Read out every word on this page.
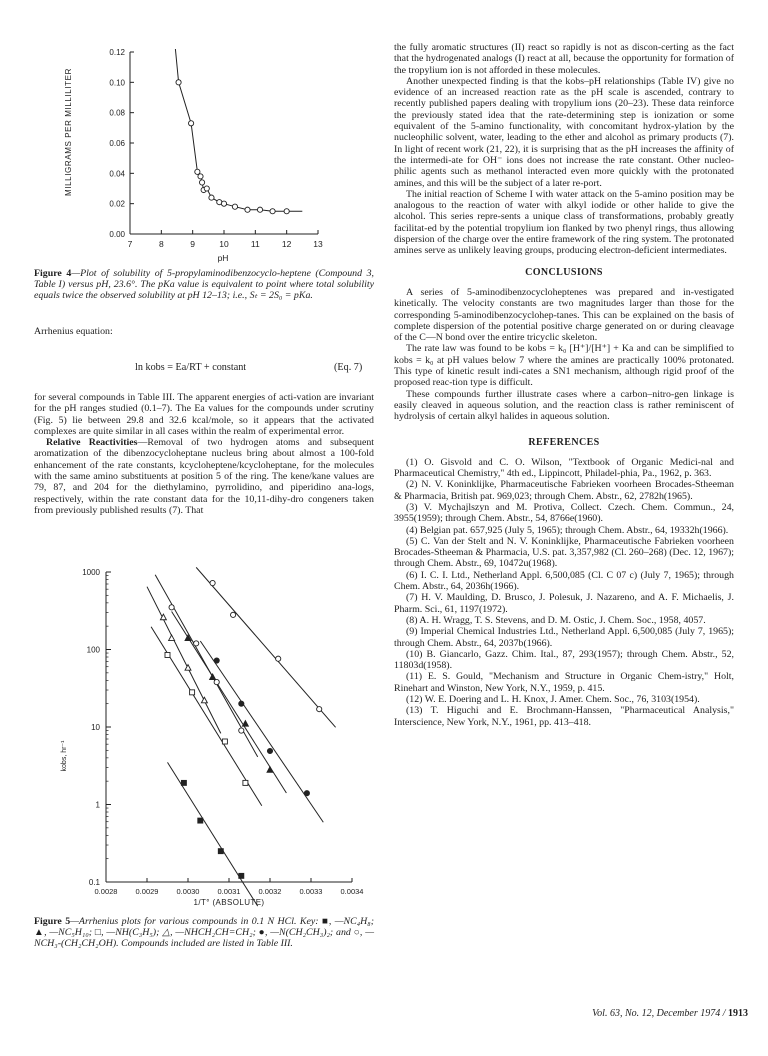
0.00
0.02
0.04
0.06
0.08
0.10
0.12
7	8	9	10	11	12	13
MILLIGRAMS PER MILLILITER
pH
Figure 4—Plot of solubility of 5-propylaminodibenzocyclo-heptene (Compound 3, Table I) versus pH, 23.6°. The pKa value is equivalent to point where total solubility equals twice the observed solubility at pH 12–13; i.e., Sₜ = 2S₀ = pKa.

Arrhenius equation:

ln kobs = Ea/RT + constant	(Eq. 7)

for several compounds in Table III. The apparent energies of acti-vation are invariant for the pH ranges studied (0.1–7). The Ea values for the compounds under scrutiny (Fig. 5) lie between 29.8 and 32.6 kcal/mole, so it appears that the activated complexes are quite similar in all cases within the realm of experimental error.

Relative Reactivities—Removal of two hydrogen atoms and subsequent aromatization of the dibenzocycloheptane nucleus bring about almost a 100-fold enhancement of the rate constants, kcycloheptene/kcycloheptane, for the molecules with the same amino substituents at position 5 of the ring. The kene/kane values are 79, 87, and 204 for the diethylamino, pyrrolidino, and piperidino ana-logs, respectively, within the rate constant data for the 10,11-dihy-dro congeners taken from previously published results (7). That

1000
100
10
1
0.1
0.0028 0.0029 0.0030 0.0031 0.0032 0.0033 0.0034
kobs, hr⁻¹
1/T° (ABSOLUTE)
Figure 5—Arrhenius plots for various compounds in 0.1 N HCl. Key: ■, —NC₄H₈; ▲, —NC₅H₁₀; □, —NH(C₃H₅); △, —NHCH₂CH=CH₂; ●, —N(CH₂CH₃)₂; and ○, —NCH₃-(CH₂CH₂OH). Compounds included are listed in Table III.

the fully aromatic structures (II) react so rapidly is not as discon-certing as the fact that the hydrogenated analogs (I) react at all, because the opportunity for formation of the tropylium ion is not afforded in these molecules.

Another unexpected finding is that the kobs–pH relationships (Table IV) give no evidence of an increased reaction rate as the pH scale is ascended, contrary to recently published papers dealing with tropylium ions (20–23). These data reinforce the previously stated idea that the rate-determining step is ionization or some equivalent of the 5-amino functionality, with concomitant hydrox-ylation by the nucleophilic solvent, water, leading to the ether and alcohol as primary products (7). In light of recent work (21, 22), it is surprising that as the pH increases the affinity of the intermedi-ate for OH⁻ ions does not increase the rate constant. Other nucleo-philic agents such as methanol interacted even more quickly with the protonated amines, and this will be the subject of a later re-port.

The initial reaction of Scheme I with water attack on the 5-amino position may be analogous to the reaction of water with alkyl iodide or other halide to give the alcohol. This series repre-sents a unique class of transformations, probably greatly facilitat-ed by the potential tropylium ion flanked by two phenyl rings, thus allowing dispersion of the charge over the entire framework of the ring system. The protonated amines serve as unlikely leaving groups, producing electron-deficient intermediates.

CONCLUSIONS

A series of 5-aminodibenzocycloheptenes was prepared and in-vestigated kinetically. The velocity constants are two magnitudes larger than those for the corresponding 5-aminodibenzocyclohep-tanes. This can be explained on the basis of complete dispersion of the potential positive charge generated on or during cleavage of the C—N bond over the entire tricyclic skeleton.

The rate law was found to be kobs = k₀ [H⁺]/[H⁺] + Ka and can be simplified to kobs = k₀ at pH values below 7 where the amines are practically 100% protonated. This type of kinetic result indi-cates a SN1 mechanism, although rigid proof of the proposed reac-tion type is difficult.

These compounds further illustrate cases where a carbon–nitro-gen linkage is easily cleaved in aqueous solution, and the reaction class is rather reminiscent of hydrolysis of certain alkyl halides in aqueous solution.

REFERENCES

(1) O. Gisvold and C. O. Wilson, "Textbook of Organic Medici-nal and Pharmaceutical Chemistry," 4th ed., Lippincott, Philadel-phia, Pa., 1962, p. 363.

(2) N. V. Koninklijke, Pharmaceutische Fabrieken voorheen Brocades-Stheeman & Pharmacia, British pat. 969,023; through Chem. Abstr., 62, 2782h(1965).

(3) V. Mychajlszyn and M. Protiva, Collect. Czech. Chem. Commun., 24, 3955(1959); through Chem. Abstr., 54, 8766e(1960).

(4) Belgian pat. 657,925 (July 5, 1965); through Chem. Abstr., 64, 19332h(1966).

(5) C. Van der Stelt and N. V. Koninklijke, Pharmaceutische Fabrieken voorheen Brocades-Stheeman & Pharmacia, U.S. pat. 3,357,982 (Cl. 260–268) (Dec. 12, 1967); through Chem. Abstr., 69, 10472u(1968).

(6) I. C. I. Ltd., Netherland Appl. 6,500,085 (Cl. C 07 c) (July 7, 1965); through Chem. Abstr., 64, 2036h(1966).

(7) H. V. Maulding, D. Brusco, J. Polesuk, J. Nazareno, and A. F. Michaelis, J. Pharm. Sci., 61, 1197(1972).

(8) A. H. Wragg, T. S. Stevens, and D. M. Ostic, J. Chem. Soc., 1958, 4057.

(9) Imperial Chemical Industries Ltd., Netherland Appl. 6,500,085 (July 7, 1965); through Chem. Abstr., 64, 2037b(1966).

(10) B. Giancarlo, Gazz. Chim. Ital., 87, 293(1957); through Chem. Abstr., 52, 11803d(1958).

(11) E. S. Gould, "Mechanism and Structure in Organic Chem-istry," Holt, Rinehart and Winston, New York, N.Y., 1959, p. 415.

(12) W. E. Doering and L. H. Knox, J. Amer. Chem. Soc., 76, 3103(1954).

(13) T. Higuchi and E. Brochmann-Hanssen, "Pharmaceutical Analysis," Interscience, New York, N.Y., 1961, pp. 413–418.

Vol. 63, No. 12, December 1974 / 1913
